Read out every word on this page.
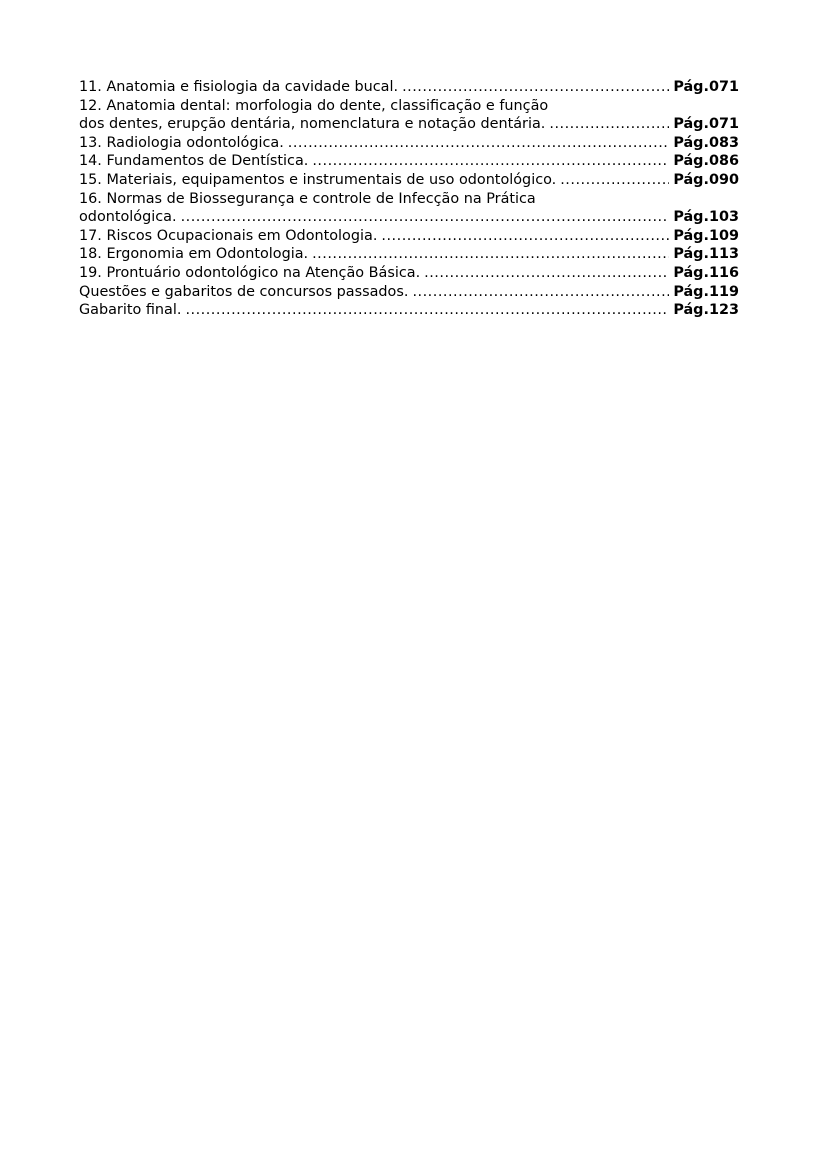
11. Anatomia e fisiologia da cavidade bucal. .....	Pág.071
12. Anatomia dental: morfologia do dente, classificação e função
dos dentes, erupção dentária, nomenclatura e notação dentária. .....	Pág.071
13. Radiologia odontológica. .....	Pág.083
14. Fundamentos de Dentística. .....	Pág.086
15. Materiais, equipamentos e instrumentais de uso odontológico. .....	Pág.090
16. Normas de Biossegurança e controle de Infecção na Prática
odontológica. .....	Pág.103
17. Riscos Ocupacionais em Odontologia. .....	Pág.109
18. Ergonomia em Odontologia. .....	Pág.113
19. Prontuário odontológico na Atenção Básica. .....	Pág.116
Questões e gabaritos de concursos passados. .....	Pág.119
Gabarito final. .....	Pág.123
